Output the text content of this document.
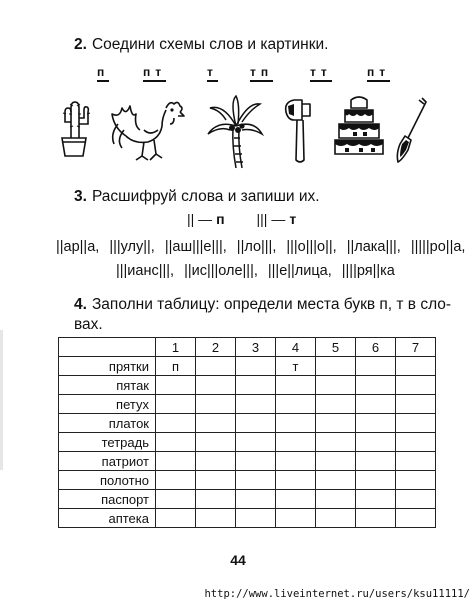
2. Соедини схемы слов и картинки.
п	пт	т	тп	тт	пт
3. Расшифруй слова и запиши их.
|| — п ||| — т
||ар||а, |||улу||, ||аш|||е|||, ||ло|||, |||о|||о||, ||лака|||, |||||ро||а,
|||ианс|||, ||ис|||оле|||, |||е||лица, ||||ря||ка
4. Заполни таблицу: определи места букв п, т в сло-
вах.
	1	2	3	4	5	6	7
прятки	п			т			
пятак							
петух							
платок							
тетрадь							
патриот							
полотно							
паспорт							
аптека							
44
http://www.liveinternet.ru/users/ksu11111/
